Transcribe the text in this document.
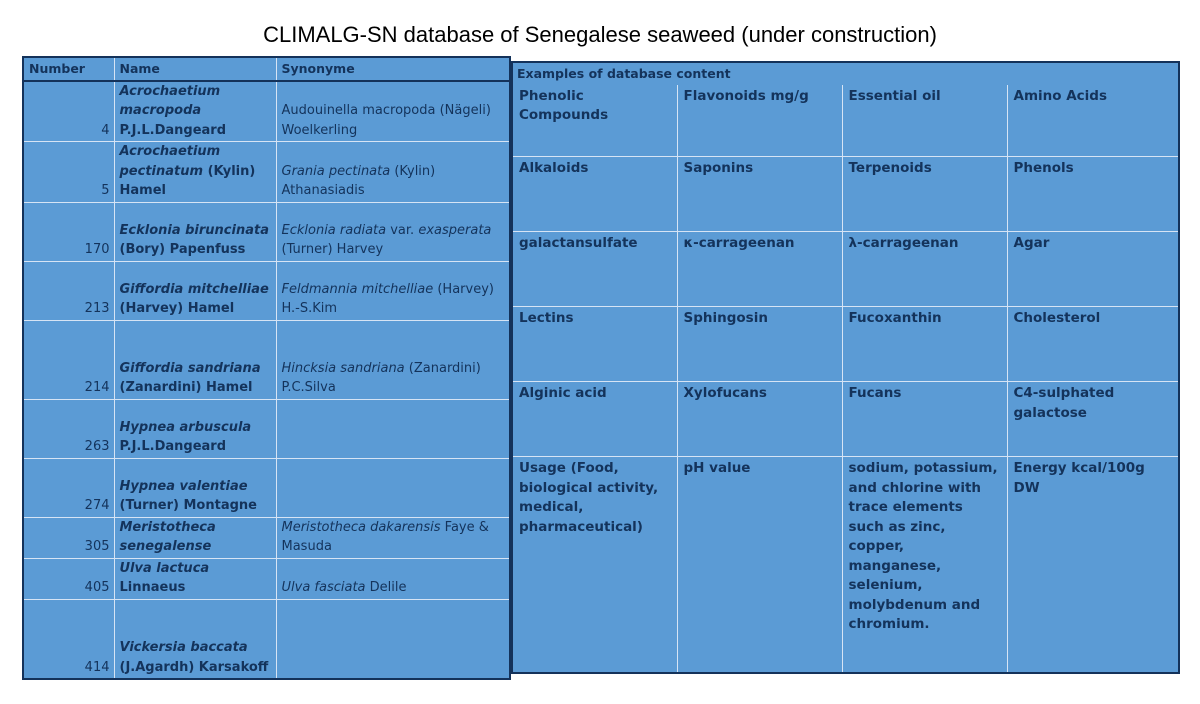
CLIMALG-SN database of Senegalese seaweed (under construction)
Number	Name	Synonyme
4	Acrochaetium macropoda P.J.L.Dangeard	Audouinella macropoda (Nägeli) Woelkerling
5	Acrochaetium pectinatum (Kylin) Hamel	Grania pectinata (Kylin) Athanasiadis
170	Ecklonia biruncinata (Bory) Papenfuss	Ecklonia radiata var. exasperata (Turner) Harvey
213	Giffordia mitchelliae (Harvey) Hamel	Feldmannia mitchelliae (Harvey) H.-S.Kim
214	Giffordia sandriana (Zanardini) Hamel	Hincksia sandriana (Zanardini) P.C.Silva
263	Hypnea arbuscula P.J.L.Dangeard	
274	Hypnea valentiae (Turner) Montagne	
305	Meristotheca senegalense	Meristotheca dakarensis Faye & Masuda
405	Ulva lactuca Linnaeus	Ulva fasciata Delile
414	Vickersia baccata (J.Agardh) Karsakoff	
Examples of database content			
Phenolic Compounds	Flavonoids mg/g	Essential oil	Amino Acids
Alkaloids	Saponins	Terpenoids	Phenols
galactansulfate	κ-carrageenan	λ-carrageenan	Agar
Lectins	Sphingosin	Fucoxanthin	Cholesterol
Alginic acid	Xylofucans	Fucans	C4-sulphated galactose
Usage (Food, biological activity, medical, pharmaceutical)	pH value	sodium, potassium, and chlorine with trace elements such as zinc, copper, manganese, selenium, molybdenum and chromium.	Energy kcal/100g DW
